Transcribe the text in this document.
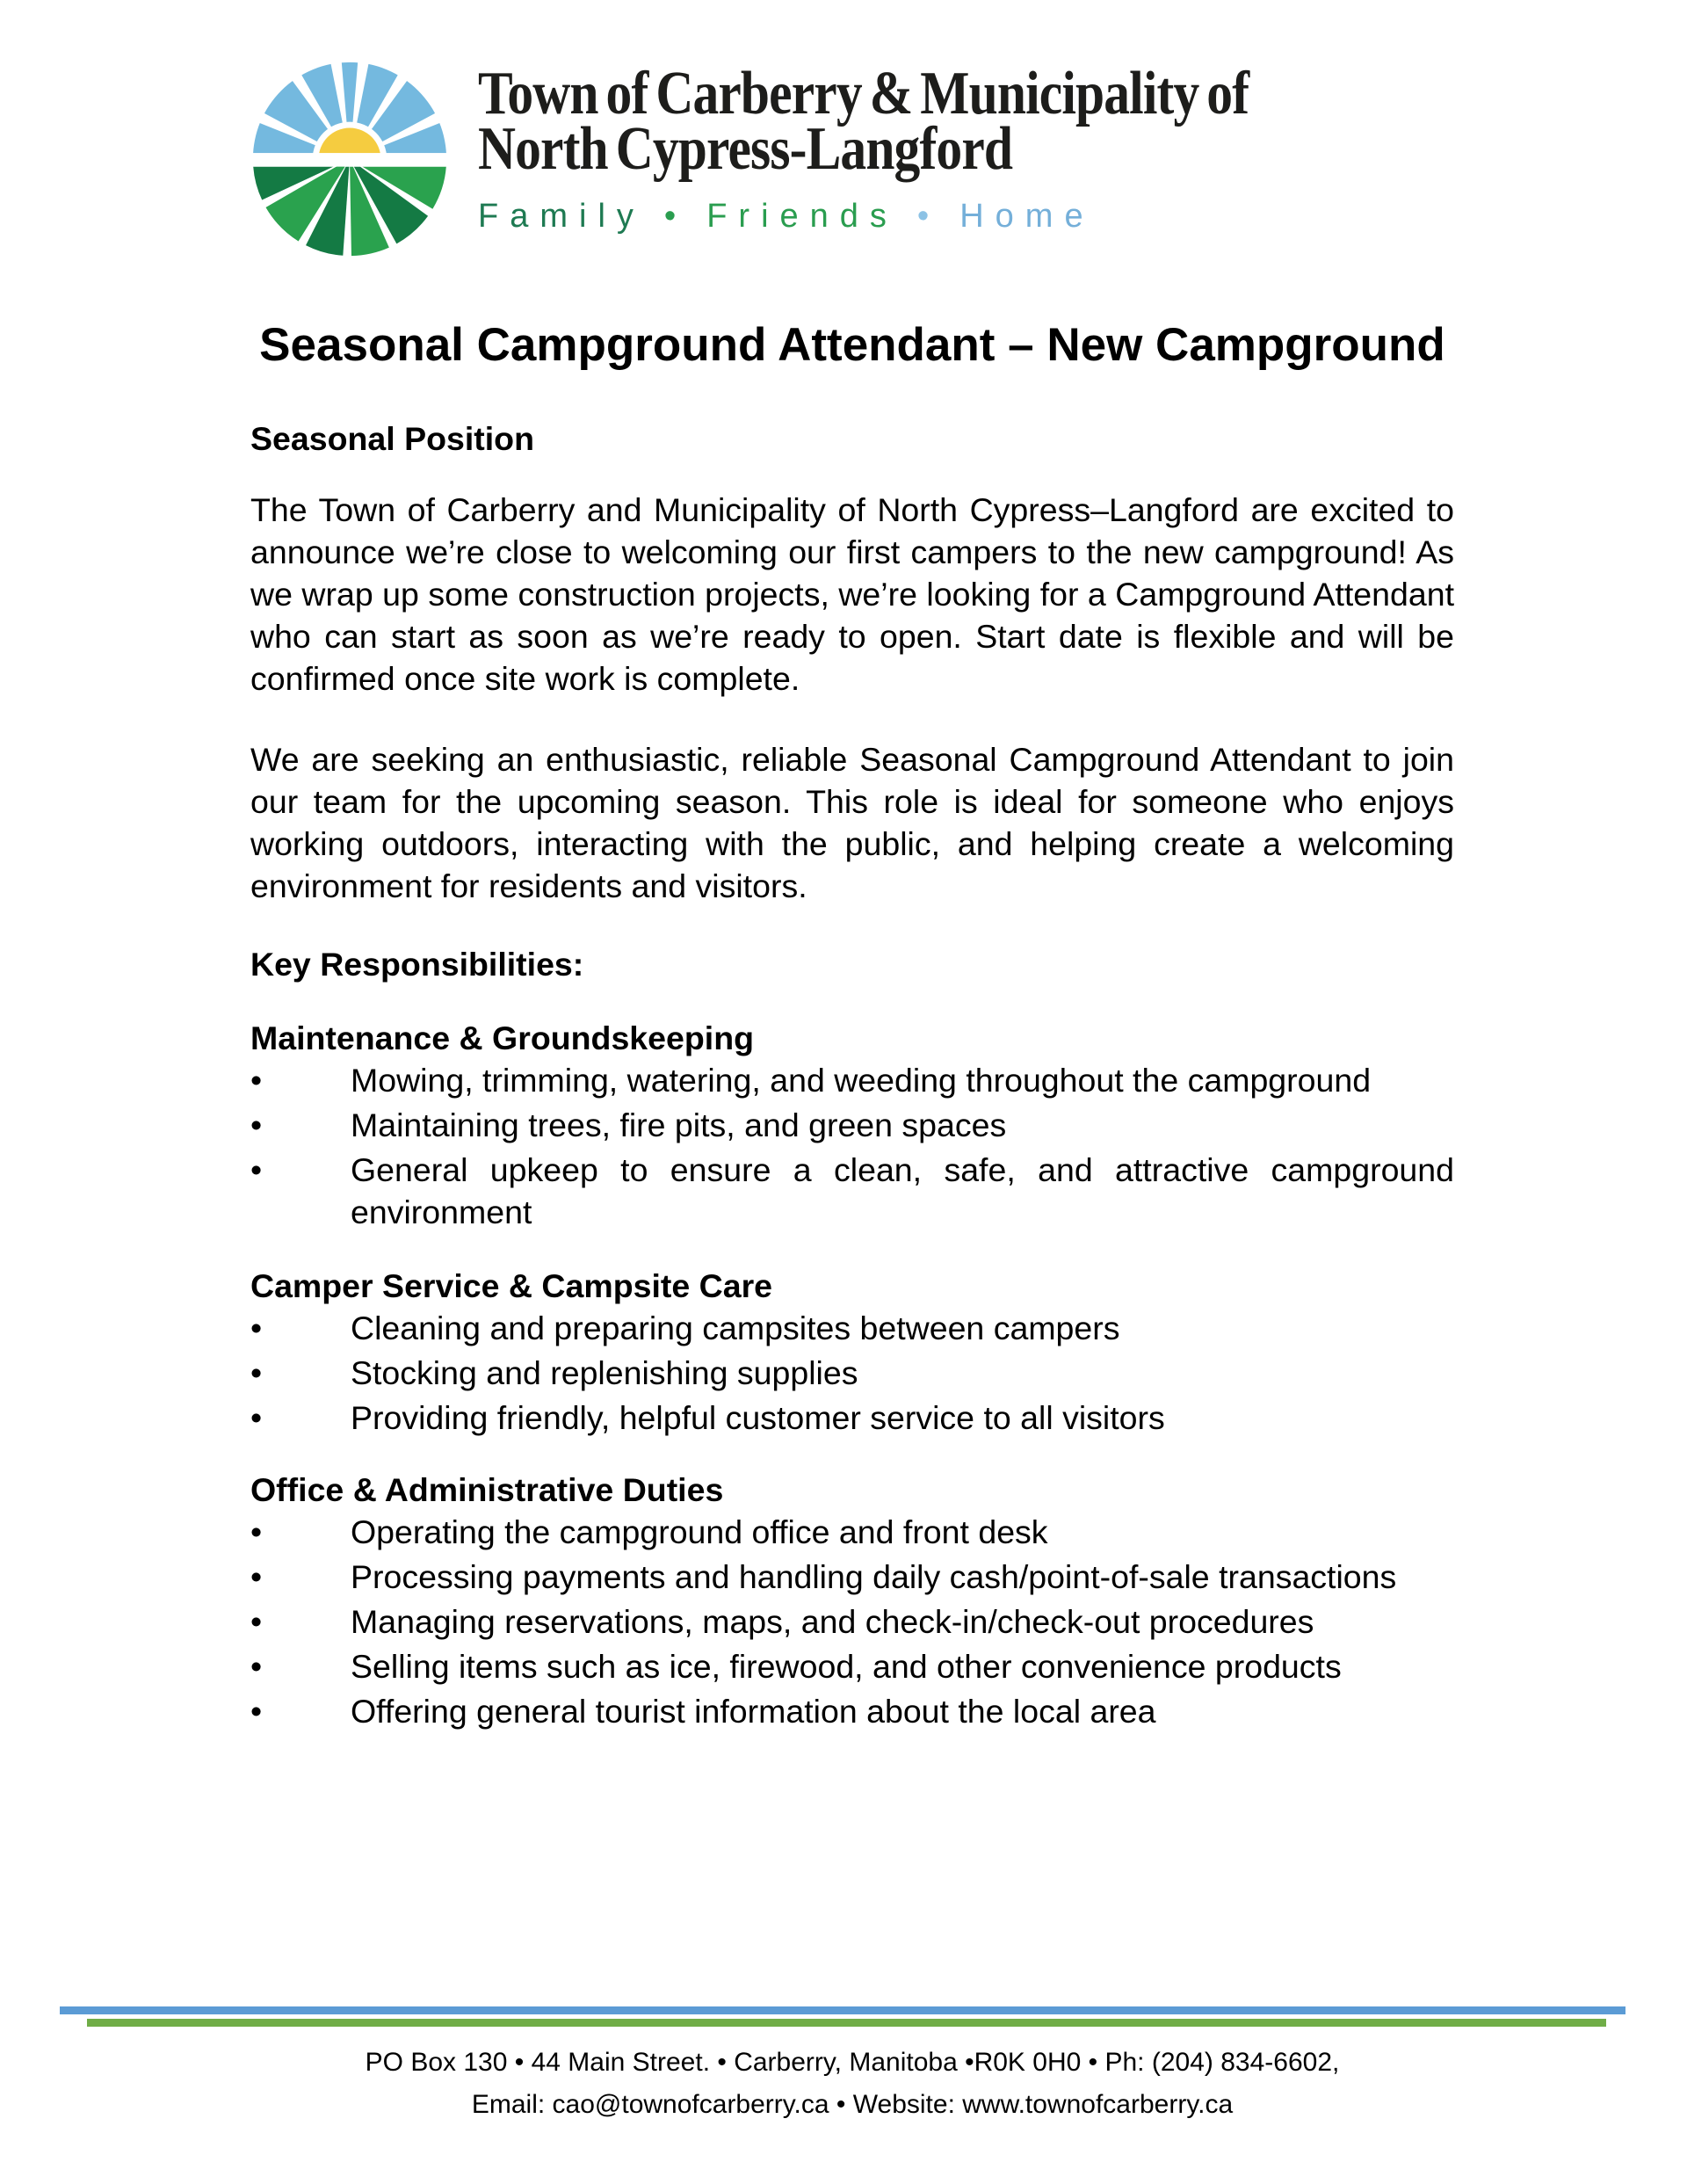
Town of Carberry & Municipality of
North Cypress-Langford
Family • Friends • Home
Seasonal Campground Attendant – New Campground
Seasonal Position

The Town of Carberry and Municipality of North Cypress–Langford are excited to announce we’re close to welcoming our first campers to the new campground! As we wrap up some construction projects, we’re looking for a Campground Attendant who can start as soon as we’re ready to open. Start date is flexible and will be confirmed once site work is complete.

We are seeking an enthusiastic, reliable Seasonal Campground Attendant to join our team for the upcoming season. This role is ideal for someone who enjoys working outdoors, interacting with the public, and helping create a welcoming environment for residents and visitors.

Key Responsibilities:
Maintenance & Groundskeeping
• Mowing, trimming, watering, and weeding throughout the campground
• Maintaining trees, fire pits, and green spaces
• General upkeep to ensure a clean, safe, and attractive campground environment
Camper Service & Campsite Care
• Cleaning and preparing campsites between campers
• Stocking and replenishing supplies
• Providing friendly, helpful customer service to all visitors
Office & Administrative Duties
• Operating the campground office and front desk
• Processing payments and handling daily cash/point-of-sale transactions
• Managing reservations, maps, and check-in/check-out procedures
• Selling items such as ice, firewood, and other convenience products
• Offering general tourist information about the local area
PO Box 130 • 44 Main Street. • Carberry, Manitoba •R0K 0H0 • Ph: (204) 834-6602,
Email: cao@townofcarberry.ca • Website: www.townofcarberry.ca
